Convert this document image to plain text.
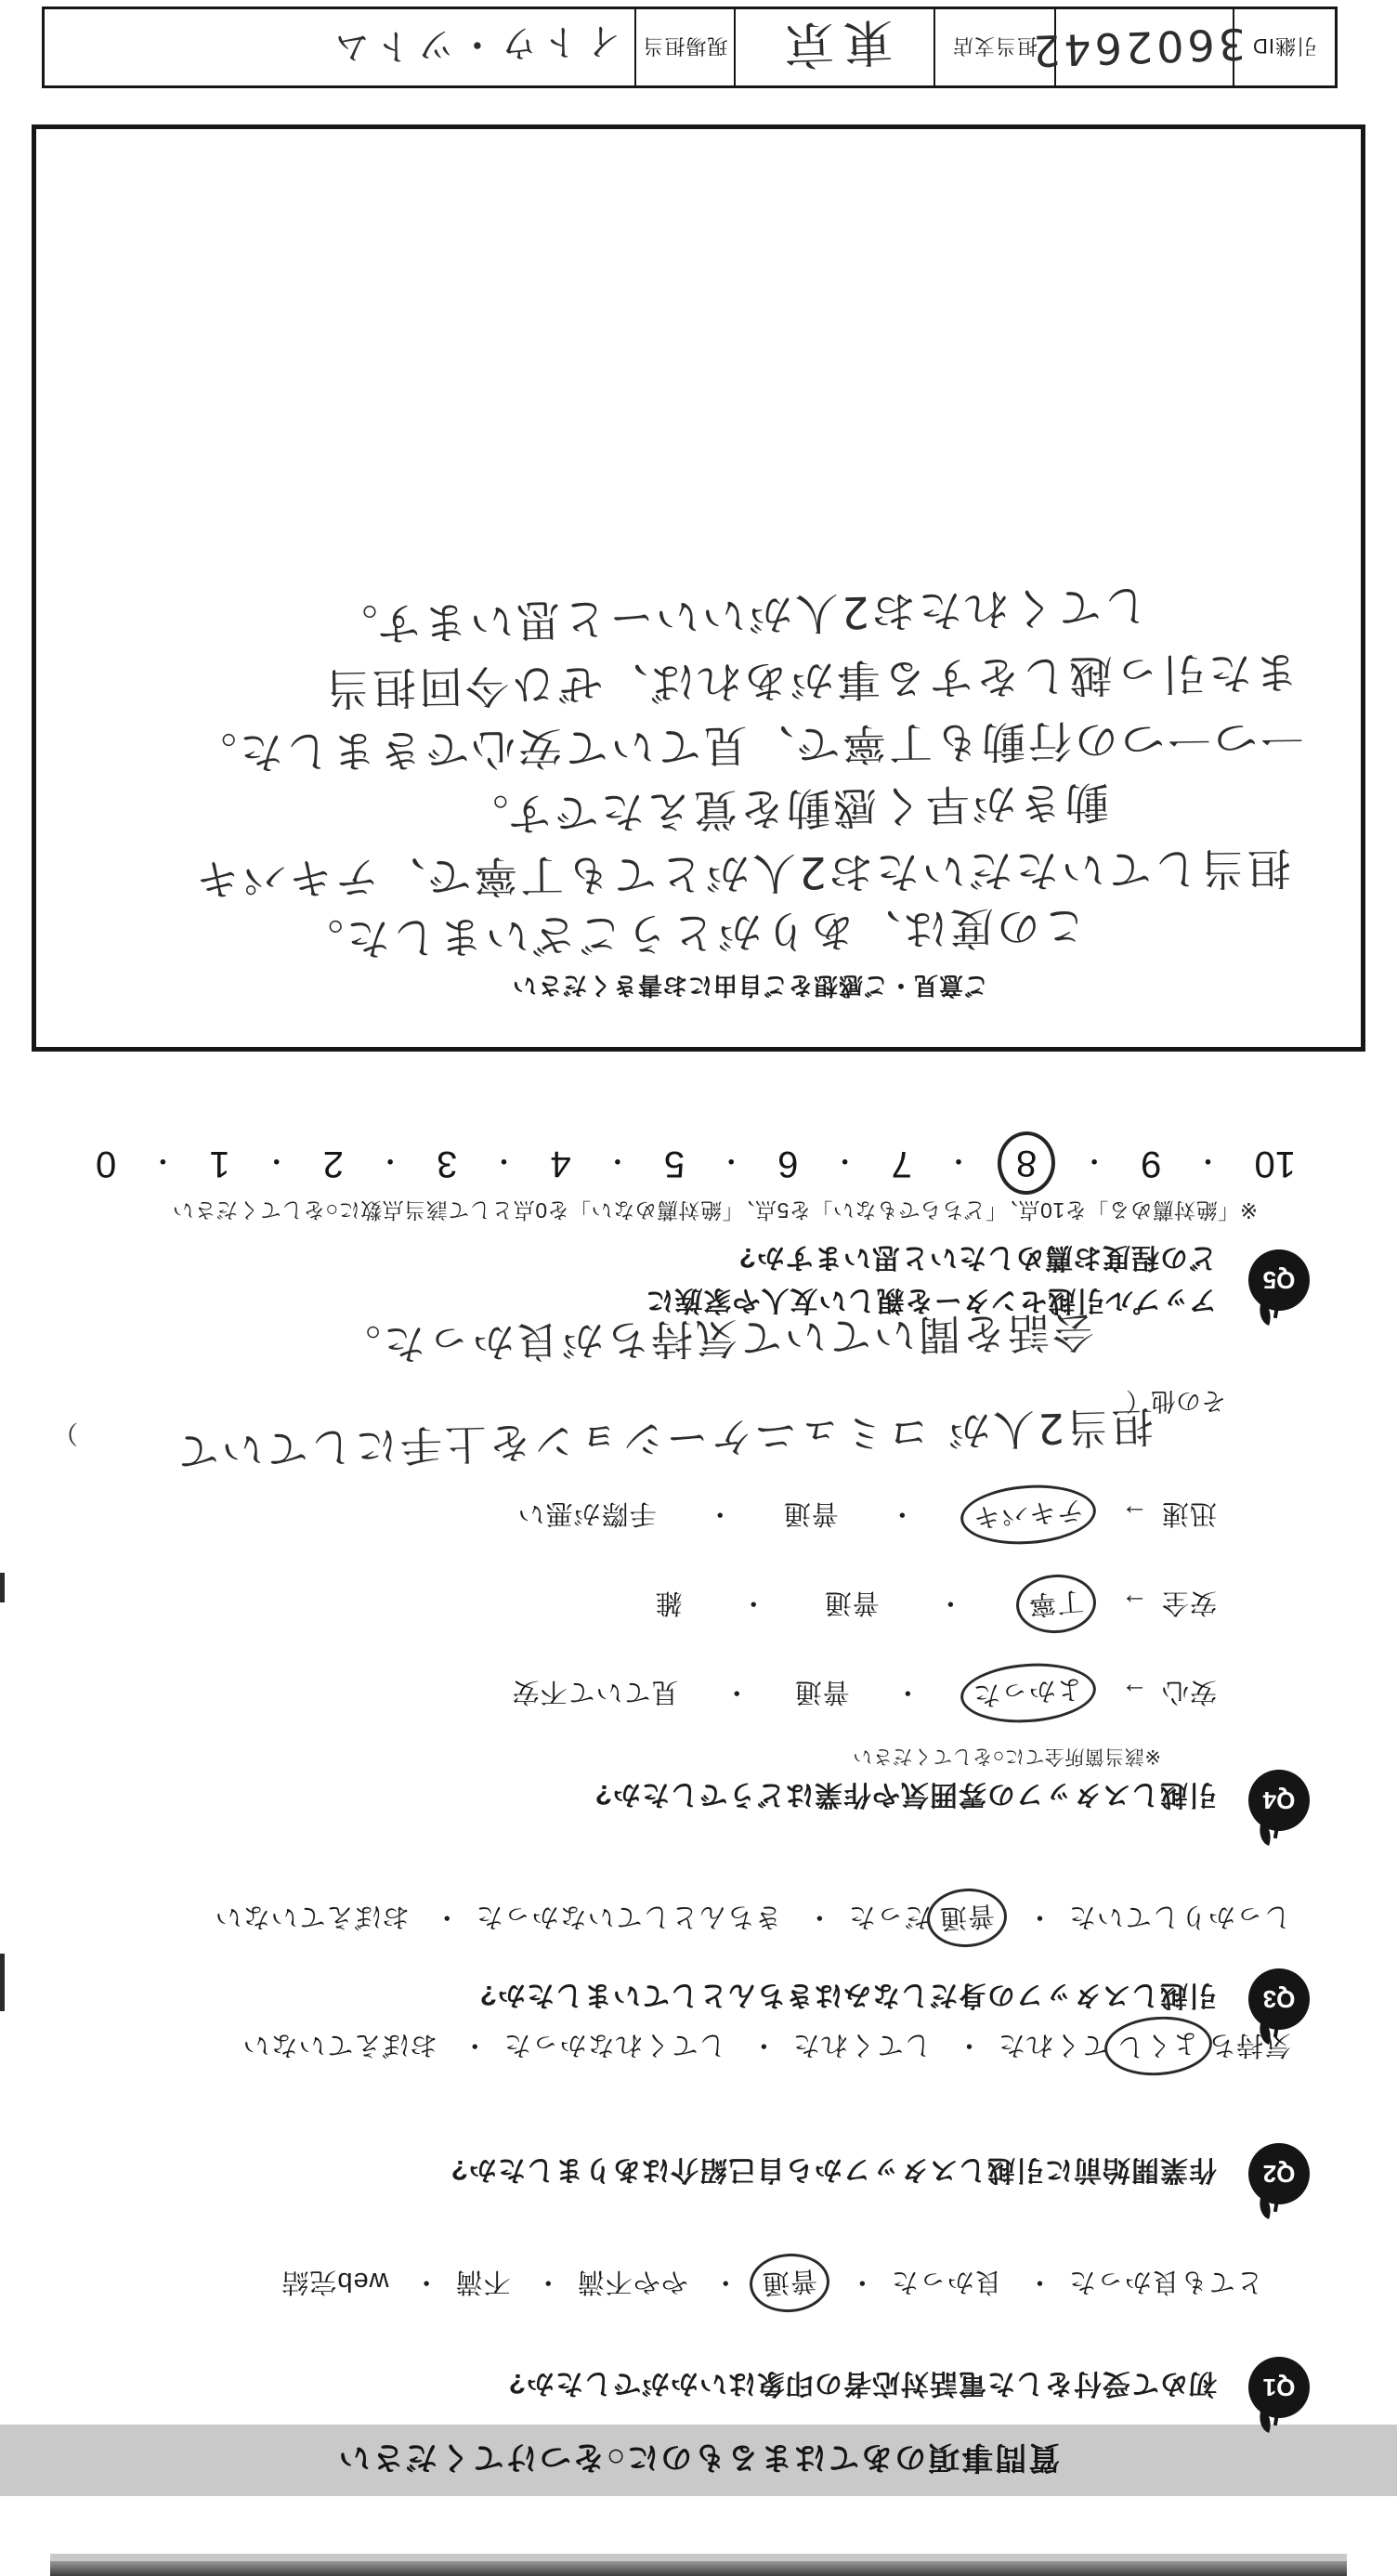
質問事項のあてはまるものに○をつけてください
Q1
初めて受付をした電話対応者の印象はいかがでしたか?
とても良かった・ 良かった・ 普通・ やや不満・ 不満・ web完結
Q2
作業開始前に引越しスタッフから自己紹介はありましたか?
気持ちよくしてくれた・ してくれた・ してくれなかった・ おぼえていない
Q3
引越しスタッフの身だしなみはきちんとしていましたか?
しっかりしていた・ 普通だった・ きちんとしていなかった・ おぼえていない
Q4
引越しスタッフの雰囲気や作業はどうでしたか?
※該当箇所全てに○をしてください
安心→ よかった ・ 普通 ・ 見ていて不安
安全→ 丁寧 ・ 普通 ・ 雑
迅速→ テキパキ ・ 普通 ・ 手際が悪い
その他（
） 担当2人が コミュニケーションを上手にしていて
会話を聞いていて気持ちが良かった。
Q5
アップル引越センターを親しい友人や家族に
どの程度お薦めしたいと思いますか?
※「絶対薦める」を10点、「どちらでもない」を5点、「絶対薦めない」を0点として該当点数に○をしてください
10
・
9
・
8
・
7
・
6
・
5
・
4
・
3
・
2
・
1
・
0
ご意見・ご感想をご自由にお書きください
この度は、ありがとうございました。
担当していただいたお2人がとても丁寧で、テキパキ
動きが早く感動を覚えたです。
一つ一つの行動も丁寧で、見ていて安心できました。
また引っ越しをする事があれば、ぜひ今回担当
してくれたお2人がいいーと思います。
引継ID
3602642
担当支店
東京
現場担当
イトウ・ツトム
